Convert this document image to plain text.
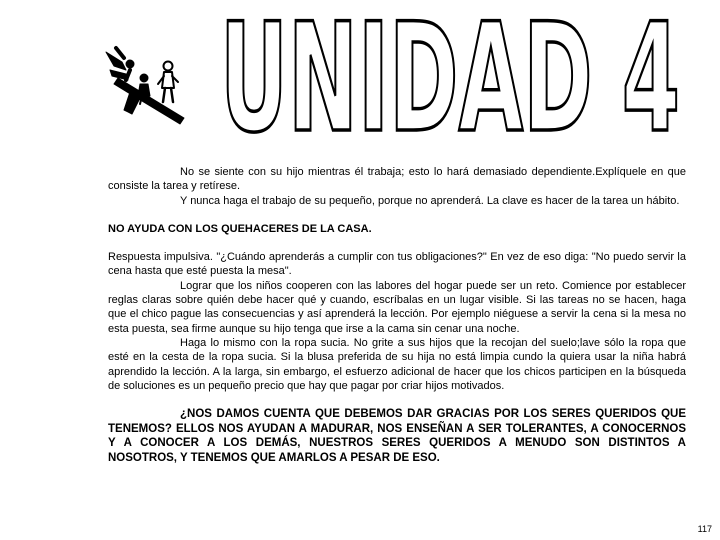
UNIDAD 4

No se siente con su hijo mientras él trabaja; esto lo hará demasiado dependiente.Explíquele en que consiste la tarea y retírese.

Y nunca haga el trabajo de su pequeño, porque no aprenderá. La clave es hacer de la tarea un hábito.

NO AYUDA CON LOS QUEHACERES DE LA CASA.

Respuesta impulsiva. "¿Cuándo aprenderás a cumplir con tus obligaciones?" En vez de eso diga: "No puedo servir la cena hasta que esté puesta la mesa".

Lograr que los niños cooperen con las labores del hogar puede ser un reto. Comience por establecer reglas claras sobre quién debe hacer qué y cuando, escríbalas en un lugar visible. Si las tareas no se hacen, haga que el chico pague las consecuencias y así aprenderá la lección. Por ejemplo niéguese a servir la cena si la mesa no esta puesta, sea firme aunque su hijo tenga que irse a la cama sin cenar una noche.

Haga lo mismo con la ropa sucia. No grite a sus hijos que la recojan del suelo;lave sólo la ropa que esté en la cesta de la ropa sucia. Si la blusa preferida de su hija no está limpia cundo la quiera usar la niña habrá aprendido la lección. A la larga, sin embargo, el esfuerzo adicional de hacer que los chicos participen en la búsqueda de soluciones es un pequeño precio que hay que pagar por criar hijos motivados.

¿NOS DAMOS CUENTA QUE DEBEMOS DAR GRACIAS POR LOS SERES QUERIDOS QUE TENEMOS? ELLOS NOS AYUDAN A MADURAR, NOS ENSEÑAN A SER TOLERANTES, A CONOCERNOS Y A CONOCER A LOS DEMÁS, NUESTROS SERES QUERIDOS A MENUDO SON DISTINTOS A NOSOTROS, Y TENEMOS QUE AMARLOS A PESAR DE ESO.

117
